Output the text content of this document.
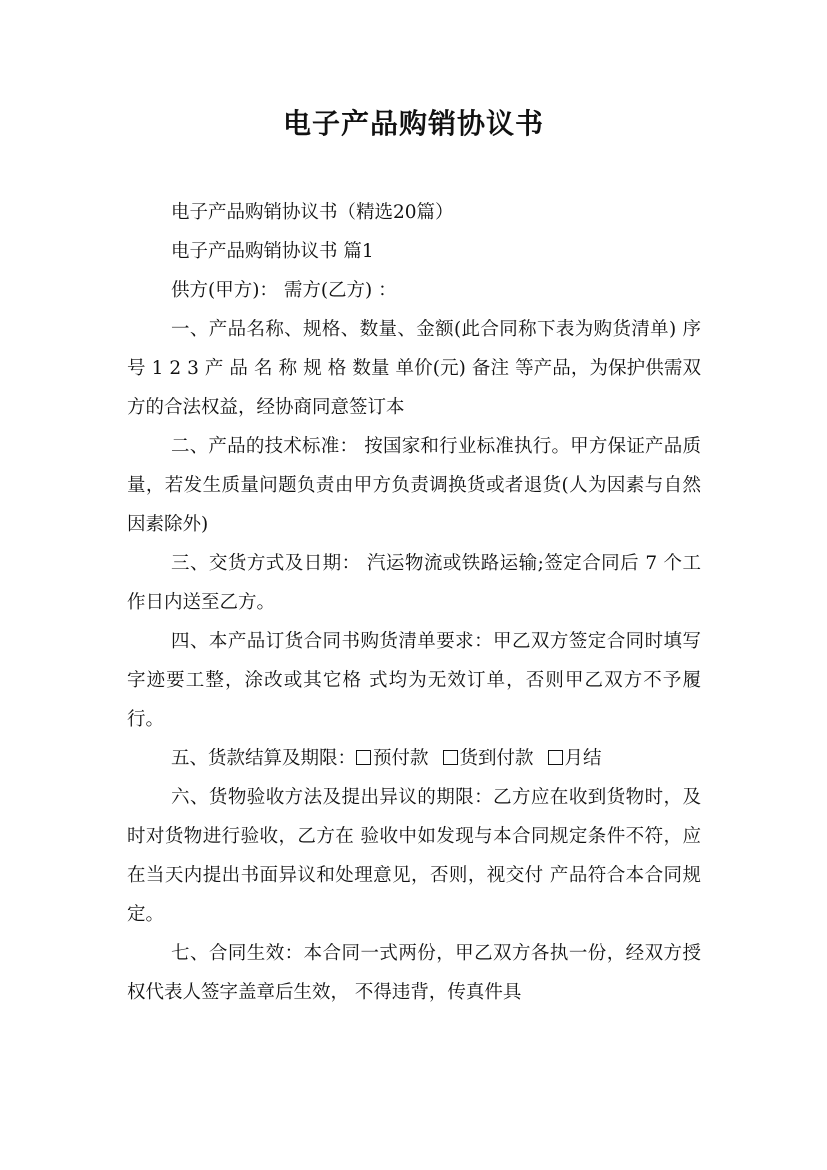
电子产品购销协议书

电子产品购销协议书（精选20篇）

电子产品购销协议书 篇1

供方(甲方)： 需方(乙方) ：

一、产品名称、规格、数量、金额(此合同称下表为购货清单) 序号 1 2 3 产 品 名 称 规 格 数量 单价(元) 备注 等产品，为保护供需双方的合法权益，经协商同意签订本

二、产品的技术标准： 按国家和行业标准执行。甲方保证产品质量，若发生质量问题负责由甲方负责调换货或者退货(人为因素与自然因素除外)

三、交货方式及日期： 汽运物流或铁路运输;签定合同后 7 个工作日内送至乙方。

四、本产品订货合同书购货清单要求：甲乙双方签定合同时填写字迹要工整，涂改或其它格 式均为无效订单，否则甲乙双方不予履行。

五、货款结算及期限： 预付款 货到付款 月结

六、货物验收方法及提出异议的期限：乙方应在收到货物时，及时对货物进行验收，乙方在 验收中如发现与本合同规定条件不符，应在当天内提出书面异议和处理意见，否则，视交付 产品符合本合同规定。

七、合同生效：本合同一式两份，甲乙双方各执一份，经双方授权代表人签字盖章后生效， 不得违背，传真件具
